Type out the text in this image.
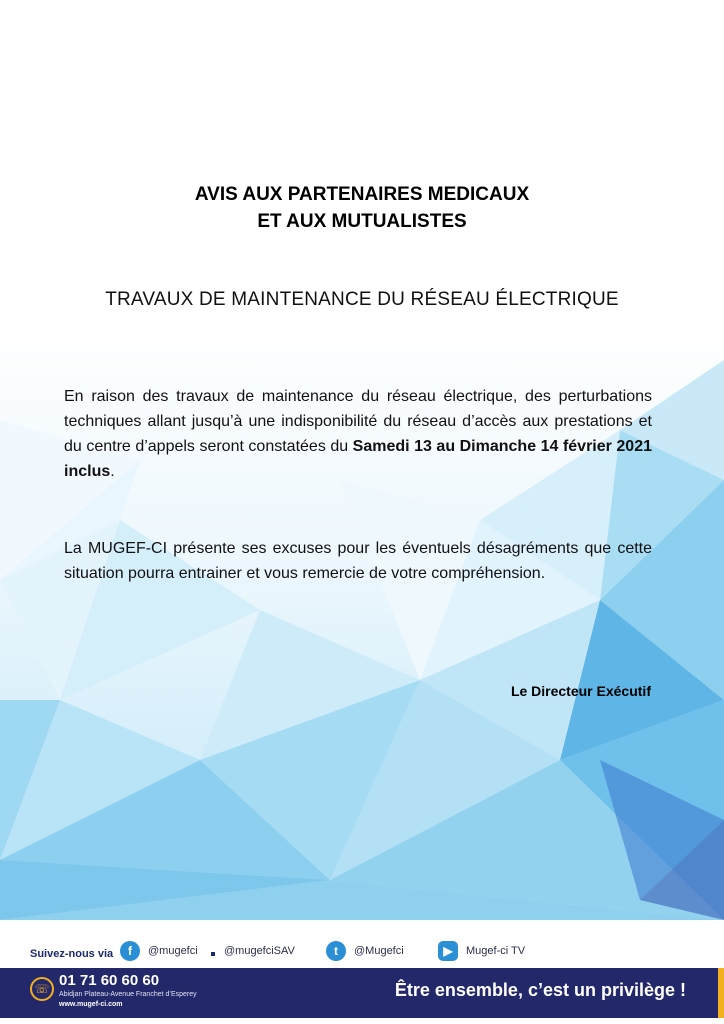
AVIS AUX PARTENAIRES MEDICAUX
ET AUX MUTUALISTES
TRAVAUX DE MAINTENANCE DU RÉSEAU ÉLECTRIQUE
En raison des travaux de maintenance du réseau électrique, des perturbations techniques allant jusqu’à une indisponibilité du réseau d’accès aux prestations et du centre d’appels seront constatées du Samedi 13 au Dimanche 14 février 2021 inclus.
La MUGEF-CI présente ses excuses pour les éventuels désagréments que cette situation pourra entrainer et vous remercie de votre compréhension.
Le Directeur Exécutif
Suivez-nous via	f	@mugefci @mugefciSAV	t	@Mugefci	▶	Mugef-ci TV
☏ 01 71 60 60 60
Abidjan Plateau-Avenue Franchet d’Esperey
www.mugef-ci.com
Être ensemble, c’est un privilège !
